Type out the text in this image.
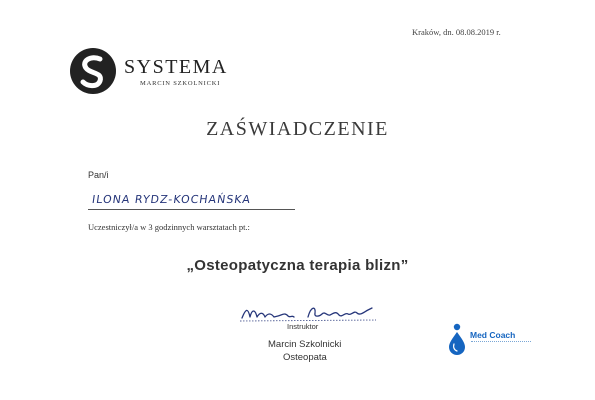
Kraków, dn. 08.08.2019 r.
SYSTEMA
MARCIN SZKOLNICKI
ZAŚWIADCZENIE
Pan/i
ILONA RYDZ-KOCHAŃSKA
Uczestniczył/a w 3 godzinnych warsztatach pt.:
„Osteopatyczna terapia blizn”
Instruktor
Marcin Szkolnicki
Osteopata
Med Coach
